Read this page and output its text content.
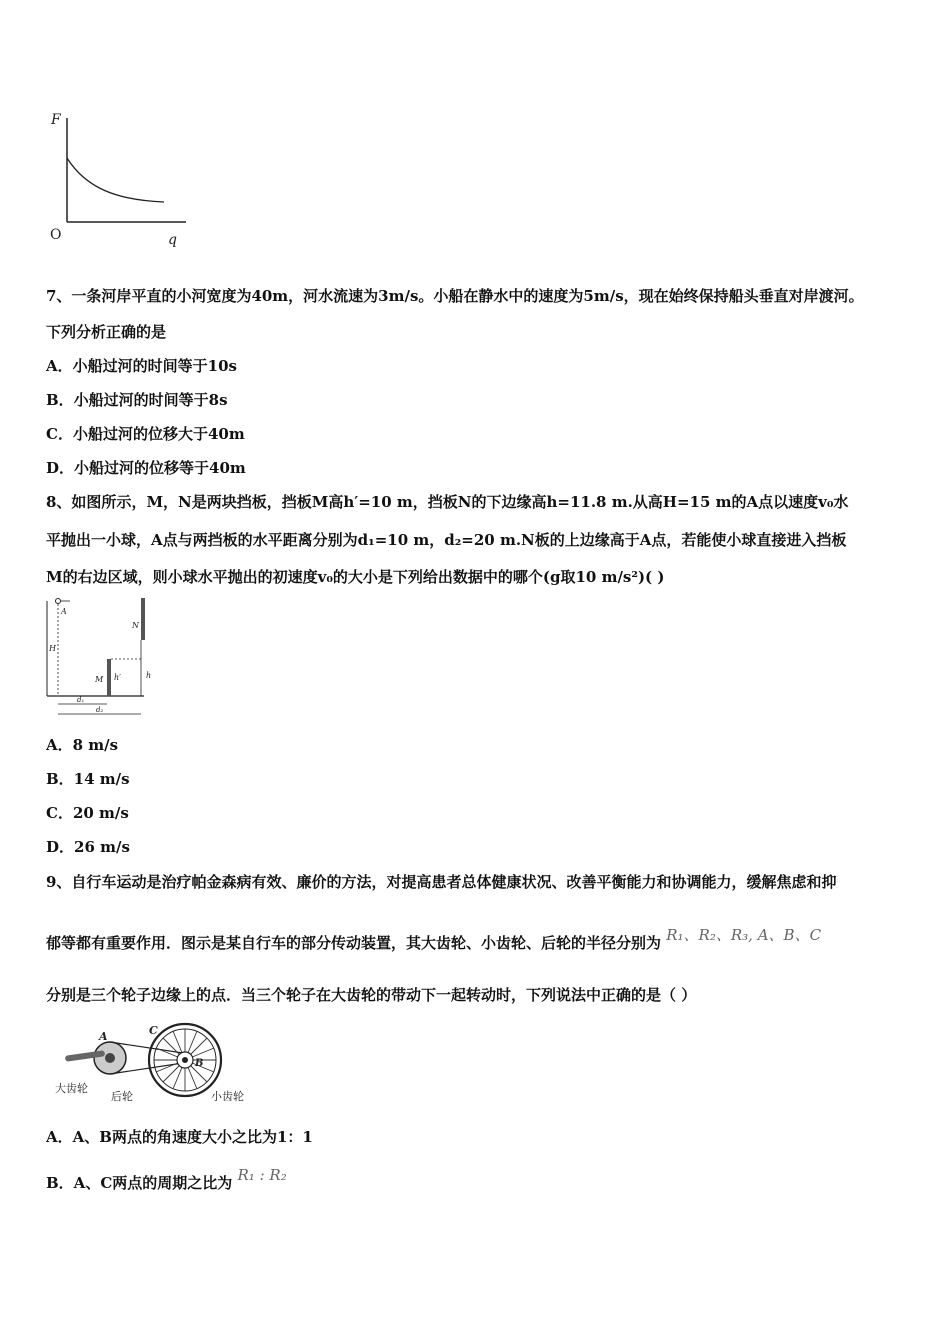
F
q
O
7、一条河岸平直的小河宽度为40m，河水流速为3m/s。小船在静水中的速度为5m/s，现在始终保持船头垂直对岸渡河。
下列分析正确的是
A．小船过河的时间等于10s
B．小船过河的时间等于8s
C．小船过河的位移大于40m
D．小船过河的位移等于40m
8、如图所示，M，N是两块挡板，挡板M高h′=10 m，挡板N的下边缘高h=11.8 m.从高H=15 m的A点以速度v₀水
平抛出一小球，A点与两挡板的水平距离分别为d₁=10 m，d₂=20 m.N板的上边缘高于A点，若能使小球直接进入挡板
M的右边区域，则小球水平抛出的初速度v₀的大小是下列给出数据中的哪个(g取10 m/s²)( )
A
H
M h′
N
h
d₁
d₂
A．8 m/s
B．14 m/s
C．20 m/s
D．26 m/s
9、自行车运动是治疗帕金森病有效、廉价的方法，对提高患者总体健康状况、改善平衡能力和协调能力，缓解焦虑和抑
郁等都有重要作用．图示是某自行车的部分传动装置，其大齿轮、小齿轮、后轮的半径分别为 R₁、R₂、R₃, A、B、C
分别是三个轮子边缘上的点．当三个轮子在大齿轮的带动下一起转动时，下列说法中正确的是（ ）
A
B
C
大齿轮
后轮	小齿轮
A．A、B两点的角速度大小之比为1：1
B．A、C两点的周期之比为 R₁ : R₂
